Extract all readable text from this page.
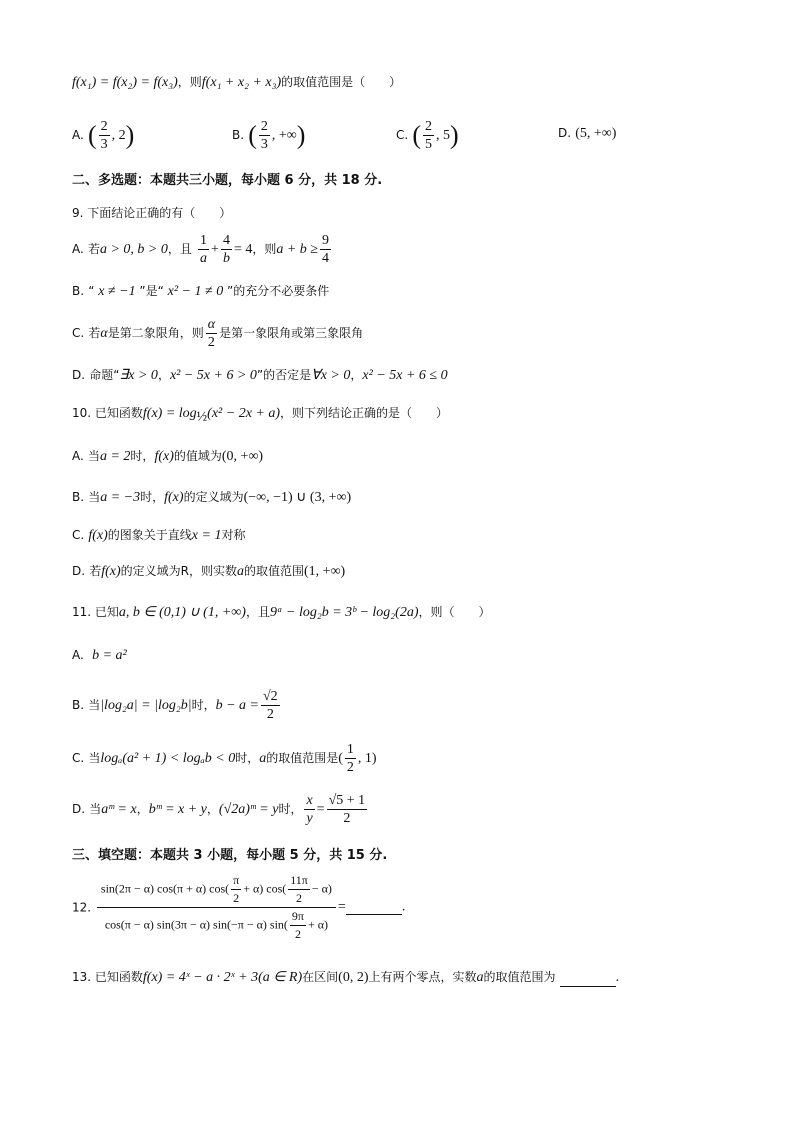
f(x₁) = f(x₂) = f(x₃)，则f(x₁ + x₂ + x₃)的取值范围是（　　）
A. ( $\frac{2}{3}$ , 2)	B. ( $\frac{2}{3}$ , +∞)	C. ( $\frac{2}{5}$ , 5)	D. (5, +∞)
二、多选题：本题共三小题，每小题 6 分，共 18 分.
9. 下面结论正确的有（　　）
A. 若a > 0, b > 0，且 $\frac{1}{a} + \frac{4}{b} = 4$，则$a + b \ge \frac{9}{4}$
B. “ x ≠ −1 ”是“ x² − 1 ≠ 0 ”的充分不必要条件
C. 若α是第二象限角，则 $\frac{\alpha}{2}$ 是第一象限角或第三象限角
D. 命题“∃x > 0，x² − 5x + 6 > 0”的否定是∀x > 0，x² − 5x + 6 ≤ 0
10. 已知函数$f(x) = \log_{\frac{1}{2}}(x^2 - 2x + a)$，则下列结论正确的是（　　）
A. 当a = 2时，f(x)的值域为(0, +∞)
B. 当a = −3时，f(x)的定义域为(−∞, −1) ∪ (3, +∞)
C. f(x)的图象关于直线x = 1对称
D. 若f(x)的定义域为R，则实数a的取值范围(1, +∞)
11. 已知a, b ∈ (0,1) ∪ (1, +∞)，且9ᵃ − log₂b = 3ᵇ − log₂(2a)，则（　　）
A. b = a²
B. 当|log₂a| = |log₂b|时，$b - a = \frac{√2}{2}$
C. 当logₐ(a² + 1) < logₐb < 0时，a的取值范围是( $\frac{1}{2}$ , 1)
D. 当aᵐ = x，bᵐ = x + y，(√2a)ᵐ = y时， $\frac{x}{y} = \frac{√5 + 1}{2}$
三、填空题：本题共 3 小题，每小题 5 分，共 15 分.
12. $\frac{\sin(2\pi - \alpha) \cos(\pi + \alpha) \cos( \frac{\pi}{2} + \alpha) \cos( \frac{11\pi}{2} - \alpha)}{\cos(\pi - \alpha) \sin(3\pi - \alpha) \sin(-\pi - \alpha) \sin( \frac{9\pi}{2} + \alpha)}$ =	.
13. 已知函数f(x) = 4ˣ − a · 2ˣ + 3(a ∈ R)在区间(0, 2)上有两个零点，实数a的取值范围为	.
